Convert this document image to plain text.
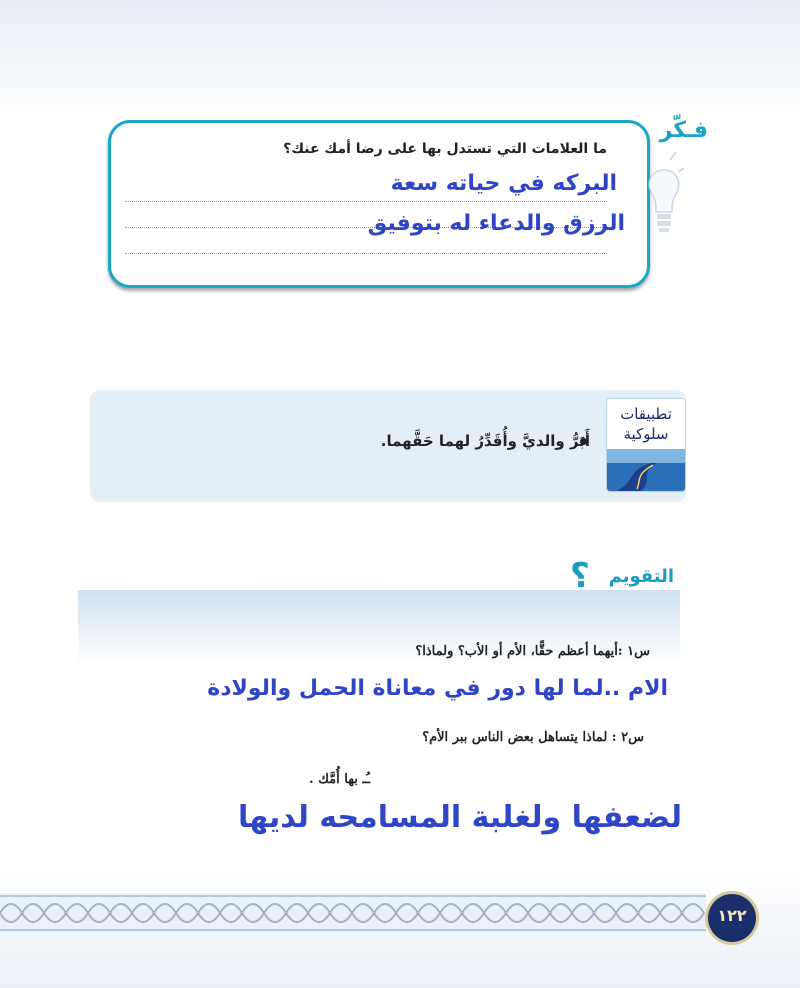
ما العلامات التي تستدل بها على رضا أمك عنك؟
البركه في حياته سعة
الرزق والدعاء له بتوفيق
فـكّر
تطبيقات
سلوكية
أَبَرُّ والديَّ وأُقَدِّرُ لهما حَقَّهما.
؟ التقويم
س١ :أيهما أعظم حقًّا، الأم أو الأب؟ ولماذا؟
الام ..لما لها دور في معاناة الحمل والولادة
س٢ : لماذا يتساهل بعض الناس ببر الأم؟
ـُـ بها أُمَّك .
لضعفها ولغلبة المسامحه لديها
١٢٢
